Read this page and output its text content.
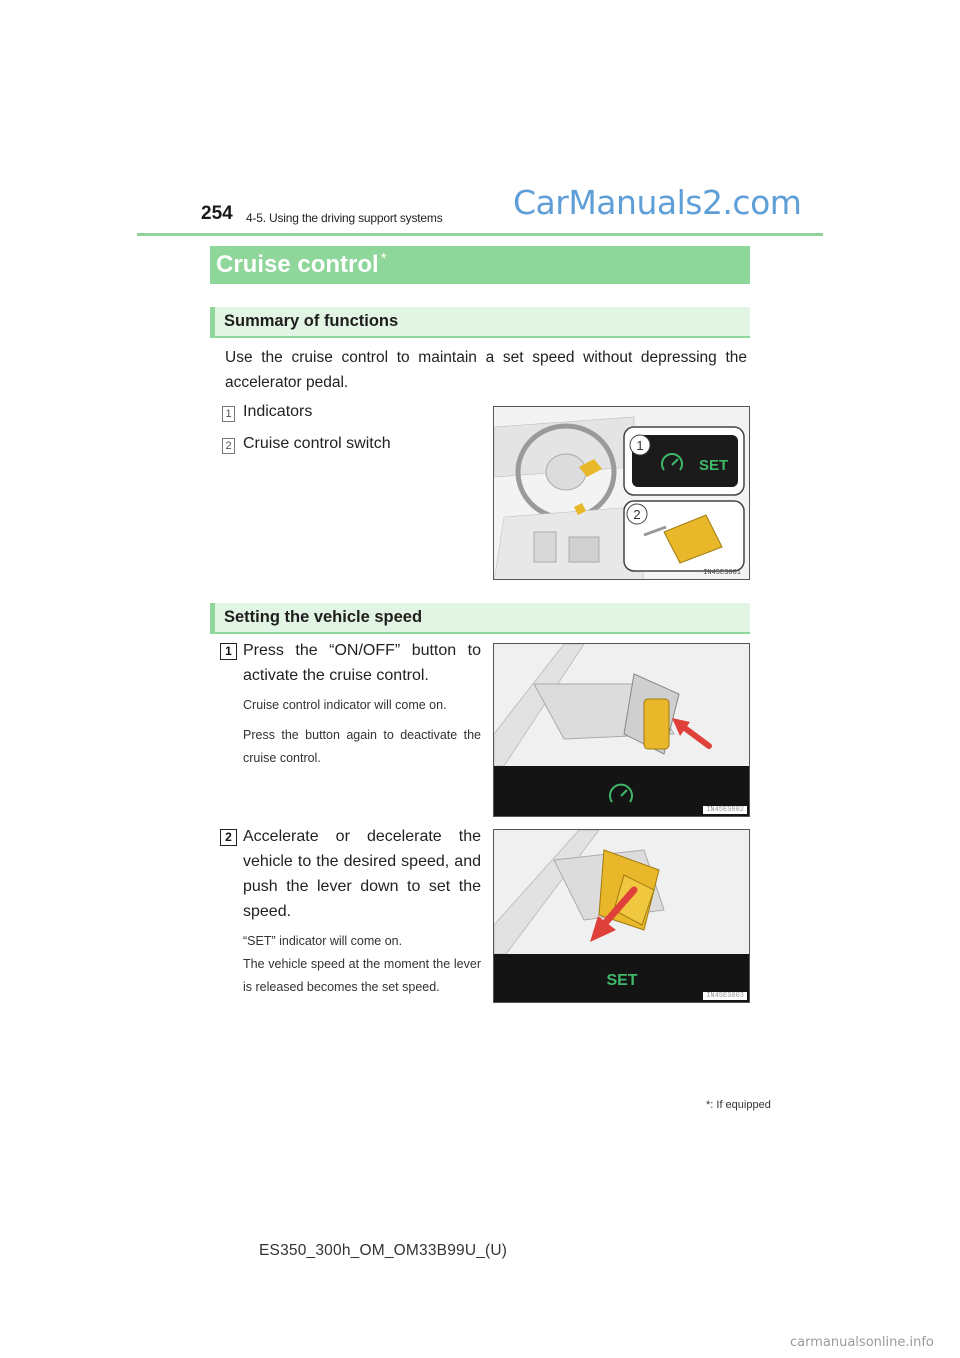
254 4-5. Using the driving support systems CarManuals2.com
Cruise control *
Summary of functions
Use the cruise control to maintain a set speed without depressing the accelerator pedal.
1 Indicators
2 Cruise control switch	1
SET
2
IN45ES001
Setting the vehicle speed
1 Press the “ON/OFF” button to activate the cruise control.
Cruise control indicator will come on.
Press the button again to deactivate the cruise control.
IN45ES002
2 Accelerate or decelerate the vehicle to the desired speed, and push the lever down to set the speed.
“SET” indicator will come on.
The vehicle speed at the moment the lever is released becomes the set speed.	SET
IN45ES003
*: If equipped
ES350_300h_OM_OM33B99U_(U)
carmanualsonline.info
